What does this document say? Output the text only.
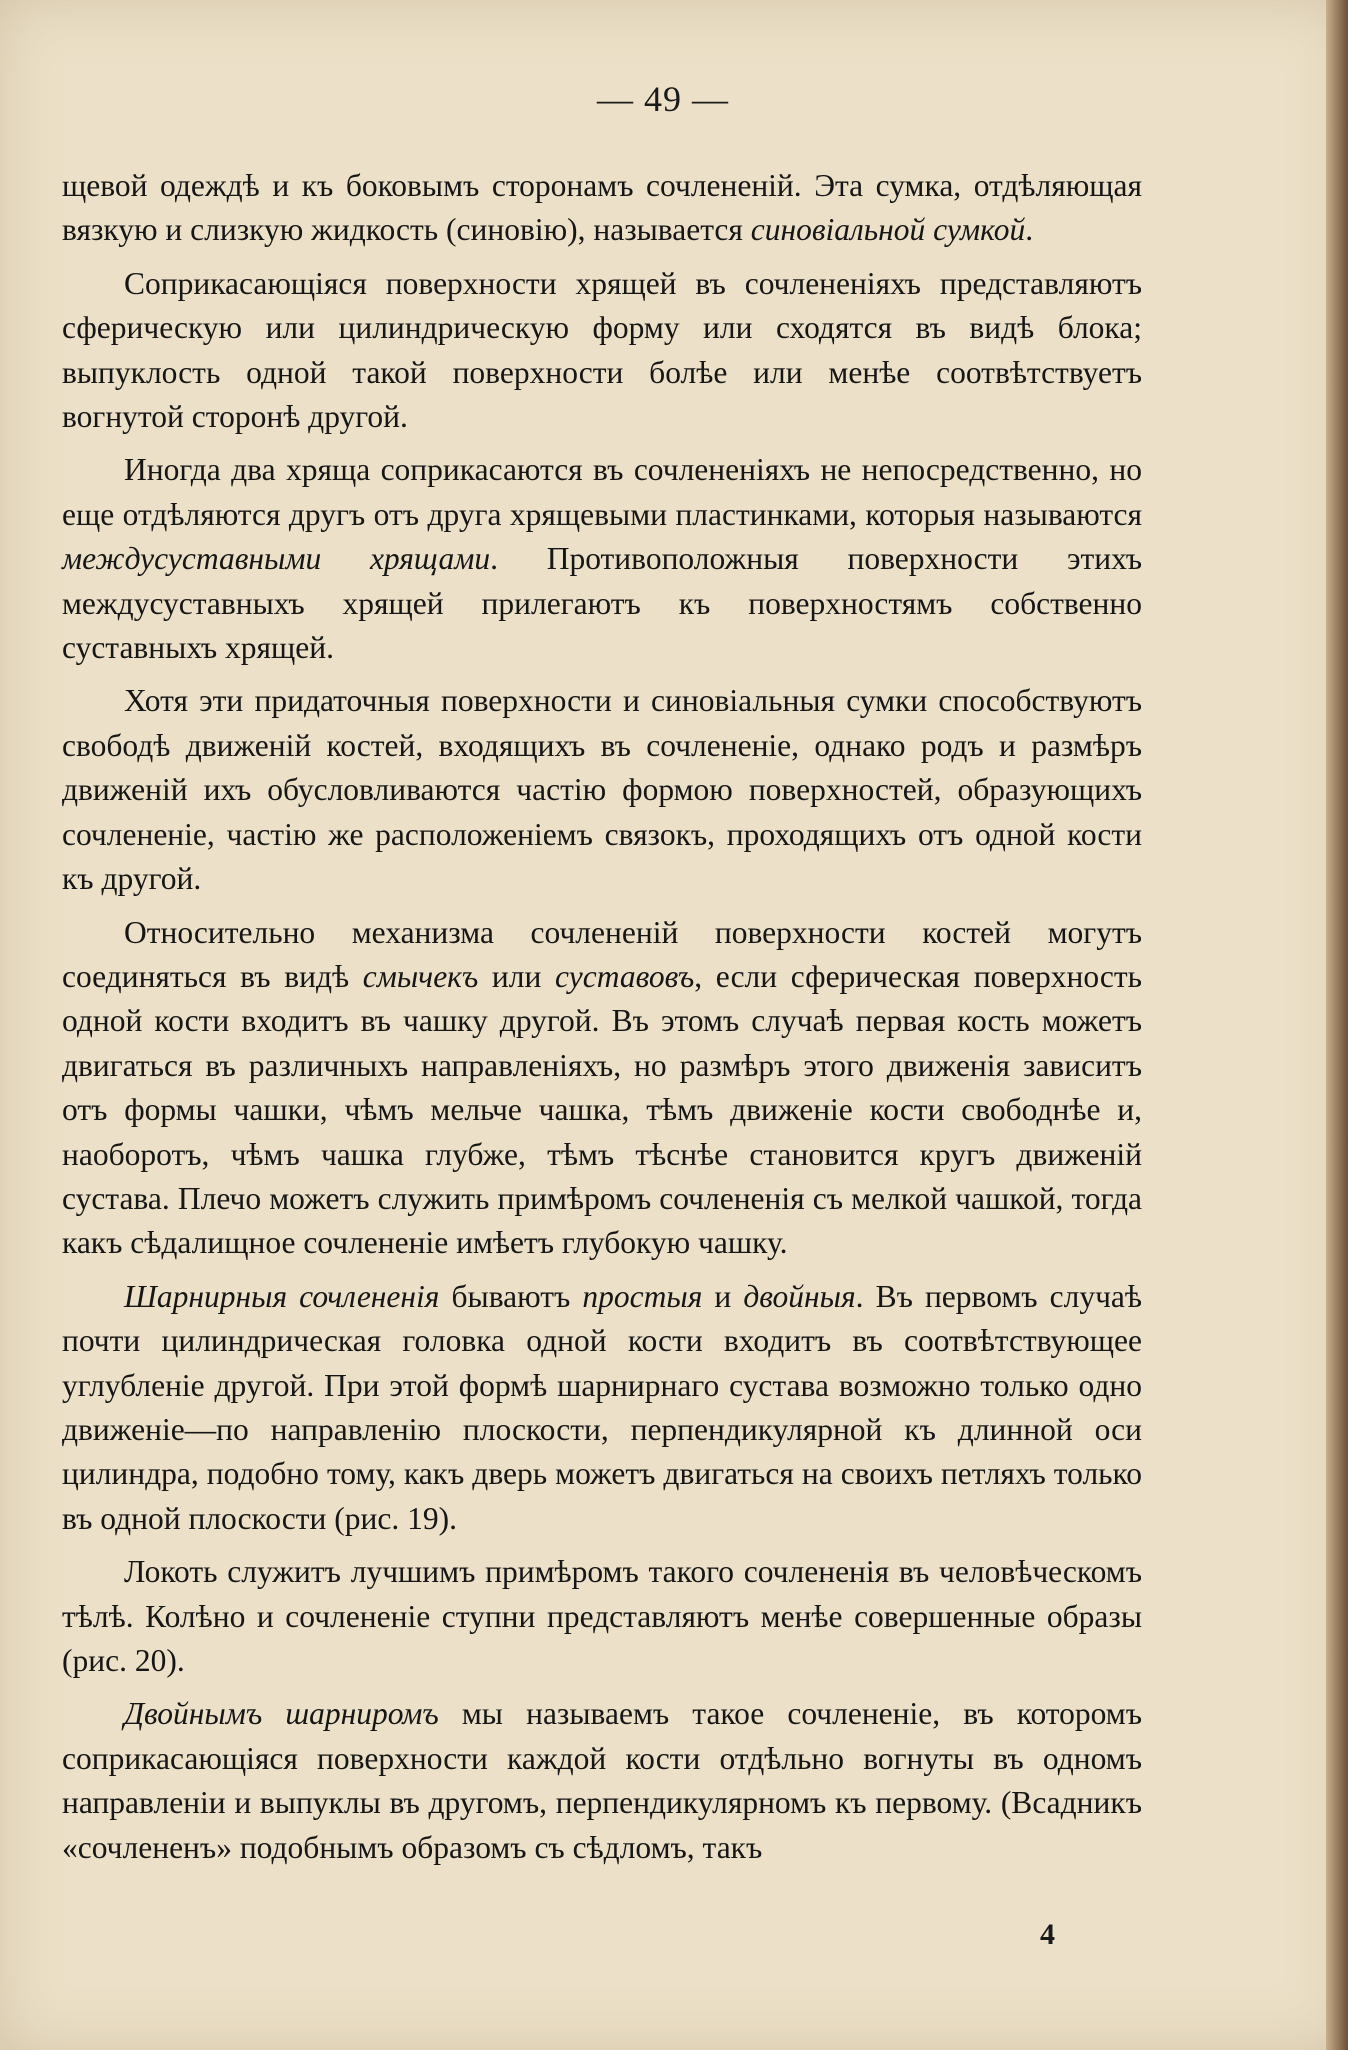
— 49 —

щевой одеждѣ и къ боковымъ сторонамъ сочлененій. Эта сумка, отдѣляющая вязкую и слизкую жидкость (синовію), называется синовіальной сумкой.

Соприкасающіяся поверхности хрящей въ сочлененіяхъ представляютъ сферическую или цилиндрическую форму или сходятся въ видѣ блока; выпуклость одной такой поверхности болѣе или менѣе соотвѣтствуетъ вогнутой сторонѣ другой.

Иногда два хряща соприкасаются въ сочлененіяхъ не непосредственно, но еще отдѣляются другъ отъ друга хрящевыми пластинками, которыя называются междусуставными хрящами. Противоположныя поверхности этихъ междусуставныхъ хрящей прилегаютъ къ поверхностямъ собственно суставныхъ хрящей.

Хотя эти придаточныя поверхности и синовіальныя сумки способствуютъ свободѣ движеній костей, входящихъ въ сочлененіе, однако родъ и размѣръ движеній ихъ обусловливаются частію формою поверхностей, образующихъ сочлененіе, частію же расположеніемъ связокъ, проходящихъ отъ одной кости къ другой.

Относительно механизма сочлененій поверхности костей могутъ соединяться въ видѣ смычекъ или суставовъ, если сферическая поверхность одной кости входитъ въ чашку другой. Въ этомъ случаѣ первая кость можетъ двигаться въ различныхъ направленіяхъ, но размѣръ этого движенія зависитъ отъ формы чашки, чѣмъ мельче чашка, тѣмъ движеніе кости свободнѣе и, наоборотъ, чѣмъ чашка глубже, тѣмъ тѣснѣе становится кругъ движеній сустава. Плечо можетъ служить примѣромъ сочлененія съ мелкой чашкой, тогда какъ сѣдалищное сочлененіе имѣетъ глубокую чашку.

Шарнирныя сочлененія бываютъ простыя и двойныя. Въ первомъ случаѣ почти цилиндрическая головка одной кости входитъ въ соотвѣтствующее углубленіе другой. При этой формѣ шарнирнаго сустава возможно только одно движеніе—по направленію плоскости, перпендикулярной къ длинной оси цилиндра, подобно тому, какъ дверь можетъ двигаться на своихъ петляхъ только въ одной плоскости (рис. 19).

Локоть служитъ лучшимъ примѣромъ такого сочлененія въ человѣческомъ тѣлѣ. Колѣно и сочлененіе ступни представляютъ менѣе совершенные образы (рис. 20).

Двойнымъ шарниромъ мы называемъ такое сочлененіе, въ которомъ соприкасающіяся поверхности каждой кости отдѣльно вогнуты въ одномъ направленіи и выпуклы въ другомъ, перпендикулярномъ къ первому. (Всадникъ «сочлененъ» подобнымъ образомъ съ сѣдломъ, такъ

4
